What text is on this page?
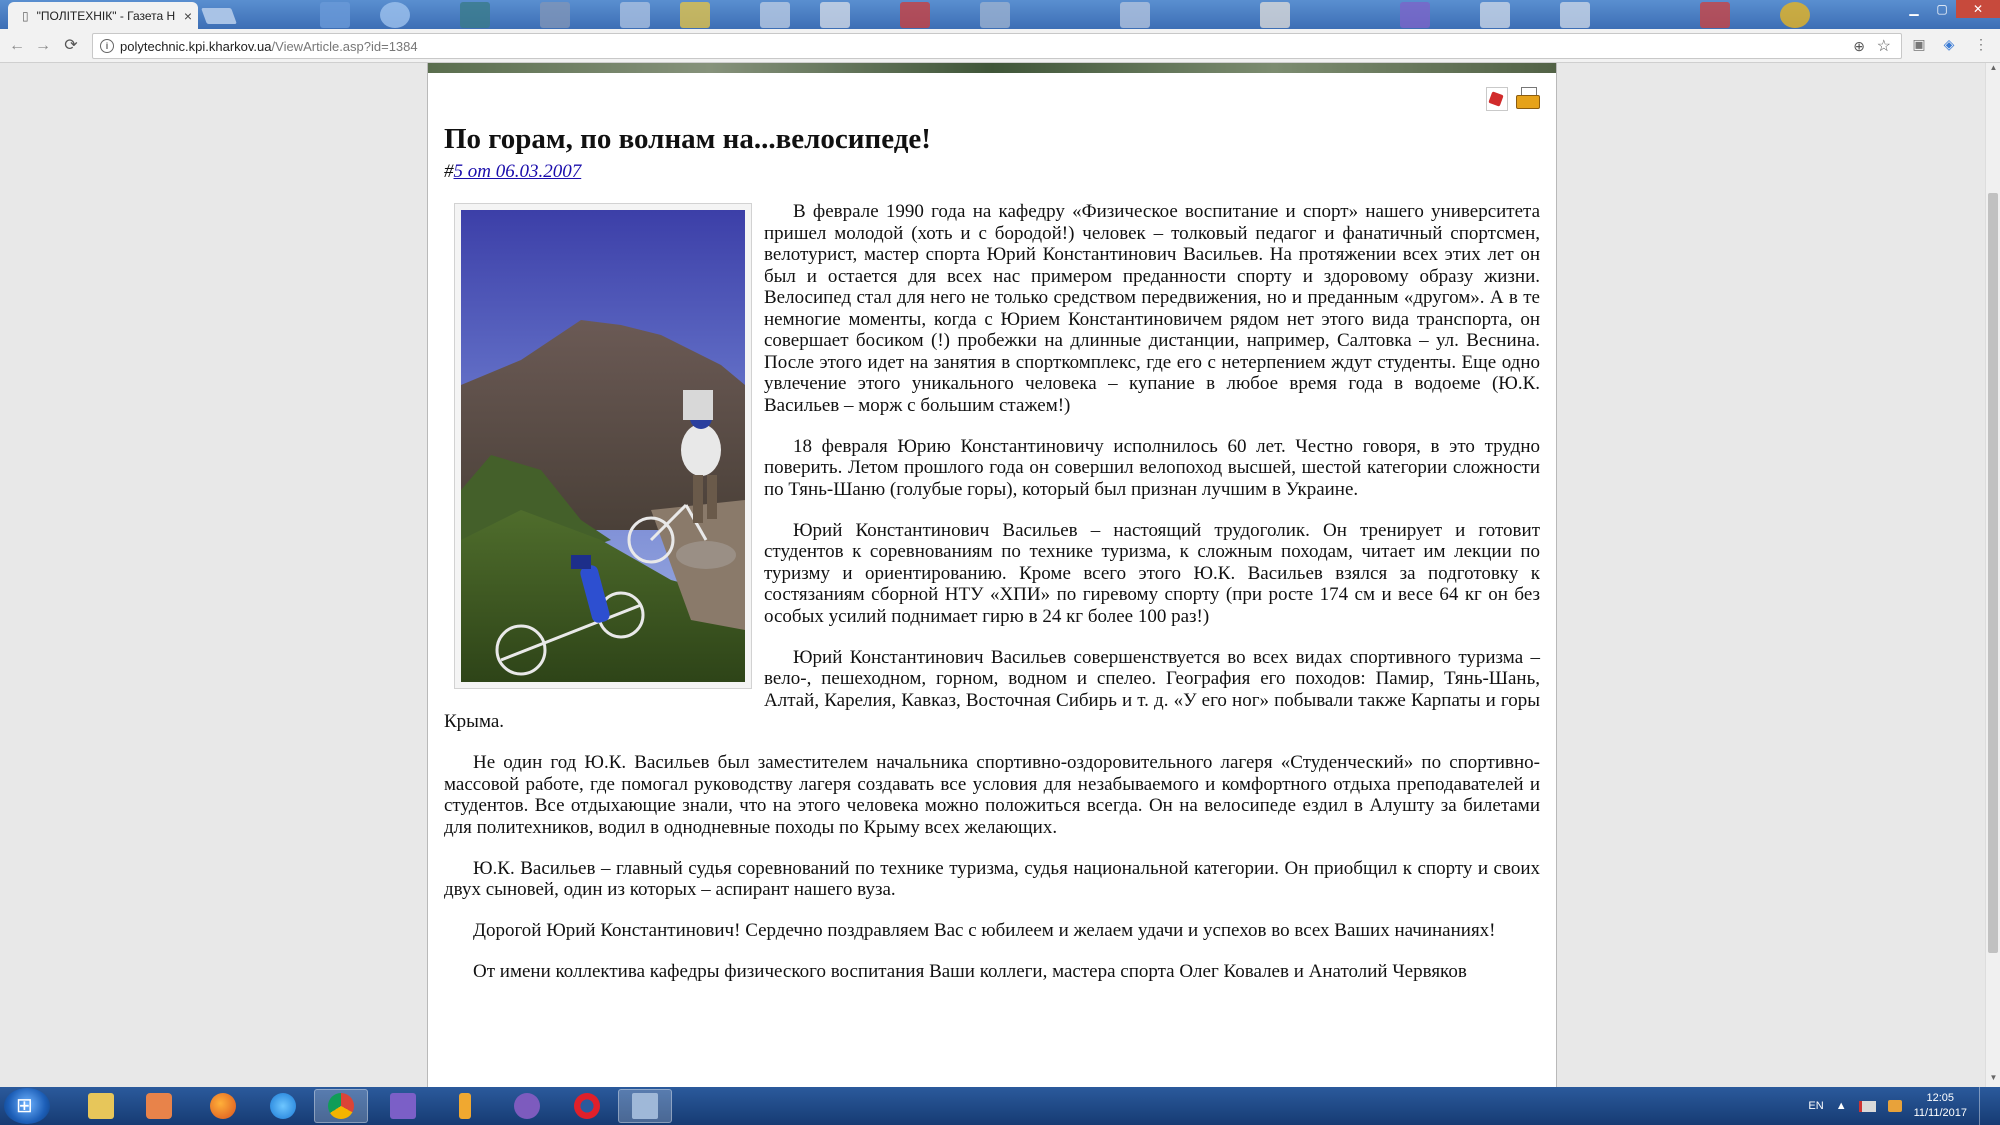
▯ "ПОЛІТЕХНІК" - Газета Н ×	▁	▢	✕
← → ⟳	i polytechnic.kpi.kharkov.ua /ViewArticle.asp?id=1384	⊕ ☆ ▣ ◈ ⋮
По горам, по волнам на...велосипеде!
#5 от 06.03.2007

В феврале 1990 года на кафедру «Физическое воспитание и спорт» нашего университета пришел молодой (хоть и с бородой!) человек – толковый педагог и фанатичный спортсмен, велотурист, мастер спорта Юрий Константинович Васильев. На протяжении всех этих лет он был и остается для всех нас примером преданности спорту и здоровому образу жизни. Велосипед стал для него не только средством передвижения, но и преданным «другом». А в те немногие моменты, когда с Юрием Константиновичем рядом нет этого вида транспорта, он совершает босиком (!) пробежки на длинные дистанции, например, Салтовка – ул. Веснина. После этого идет на занятия в спорткомплекс, где его с нетерпением ждут студенты. Еще одно увлечение этого уникального человека – купание в любое время года в водоеме (Ю.К. Васильев – морж с большим стажем!)

18 февраля Юрию Константиновичу исполнилось 60 лет. Честно говоря, в это трудно поверить. Летом прошлого года он совершил велопоход высшей, шестой категории сложности по Тянь-Шаню (голубые горы), который был признан лучшим в Украине.

Юрий Константинович Васильев – настоящий трудоголик. Он тренирует и готовит студентов к соревнованиям по технике туризма, к сложным походам, читает им лекции по туризму и ориентированию. Кроме всего этого Ю.К. Васильев взялся за подготовку к состязаниям сборной НТУ «ХПИ» по гиревому спорту (при росте 174 см и весе 64 кг он без особых усилий поднимает гирю в 24 кг более 100 раз!)

Юрий Константинович Васильев совершенствуется во всех видах спортивного туризма – вело-, пешеходном, горном, водном и спелео. География его походов: Памир, Тянь-Шань, Алтай, Карелия, Кавказ, Восточная Сибирь и т. д. «У его ног» побывали также Карпаты и горы Крыма.

Не один год Ю.К. Васильев был заместителем начальника спортивно-оздоровительного лагеря «Студенческий» по спортивно-массовой работе, где помогал руководству лагеря создавать все условия для незабываемого и комфортного отдыха преподавателей и студентов. Все отдыхающие знали, что на этого человека можно положиться всегда. Он на велосипеде ездил в Алушту за билетами для политехников, водил в однодневные походы по Крыму всех желающих.

Ю.К. Васильев – главный судья соревнований по технике туризма, судья национальной категории. Он приобщил к спорту и своих двух сыновей, один из которых – аспирант нашего вуза.

Дорогой Юрий Константинович! Сердечно поздравляем Вас с юбилеем и желаем удачи и успехов во всех Ваших начинаниях!

От имени коллектива кафедры физического воспитания Ваши коллеги, мастера спорта Олег Ковалев и Анатолий Червяков

▲
▼
⊞
EN ▲
12:05
11/11/2017
